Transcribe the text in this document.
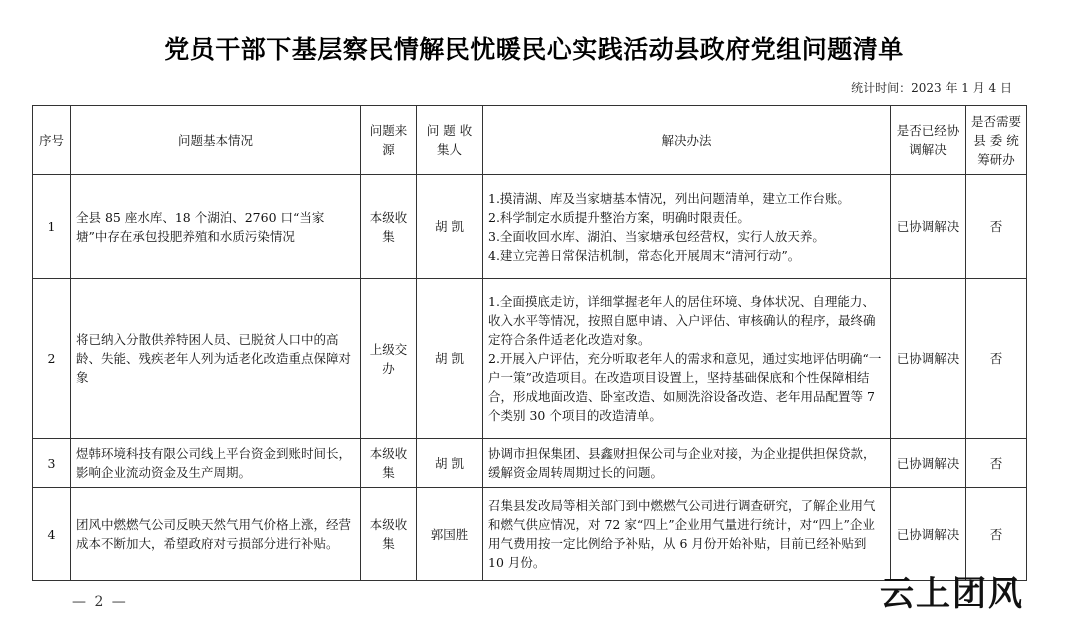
党员干部下基层察民情解民忧暖民心实践活动县政府党组问题清单
统计时间：2023 年 1 月 4 日
序号	问题基本情况	问题来源	问 题 收集人	解决办法	是否已经协调解决	是否需要县 委 统筹研办
1	全县 85 座水库、18 个湖泊、2760 口“当家塘”中存在承包投肥养殖和水质污染情况	本级收集	胡 凯	1.摸清湖、库及当家塘基本情况，列出问题清单，建立工作台账。
2.科学制定水质提升整治方案，明确时限责任。
3.全面收回水库、湖泊、当家塘承包经营权，实行人放天养。
4.建立完善日常保洁机制，常态化开展周末“清河行动”。	已协调解决	否
2	将已纳入分散供养特困人员、已脱贫人口中的高龄、失能、残疾老年人列为适老化改造重点保障对象	上级交办	胡 凯	1.全面摸底走访，详细掌握老年人的居住环境、身体状况、自理能力、收入水平等情况，按照自愿申请、入户评估、审核确认的程序，最终确定符合条件适老化改造对象。
2.开展入户评估，充分听取老年人的需求和意见，通过实地评估明确“一户一策”改造项目。在改造项目设置上，坚持基础保底和个性保障相结合，形成地面改造、卧室改造、如厕洗浴设备改造、老年用品配置等 7 个类别 30 个项目的改造清单。	已协调解决	否
3	煜韩环境科技有限公司线上平台资金到账时间长，影响企业流动资金及生产周期。	本级收集	胡 凯	协调市担保集团、县鑫财担保公司与企业对接，为企业提供担保贷款，缓解资金周转周期过长的问题。	已协调解决	否
4	团风中燃燃气公司反映天然气用气价格上涨，经营成本不断加大，希望政府对亏损部分进行补贴。	本级收集	郭国胜	召集县发改局等相关部门到中燃燃气公司进行调查研究，了解企业用气和燃气供应情况，对 72 家“四上”企业用气量进行统计，对“四上”企业用气费用按一定比例给予补贴，从 6 月份开始补贴，目前已经补贴到 10 月份。	已协调解决	否
— 2 —	云上团风
